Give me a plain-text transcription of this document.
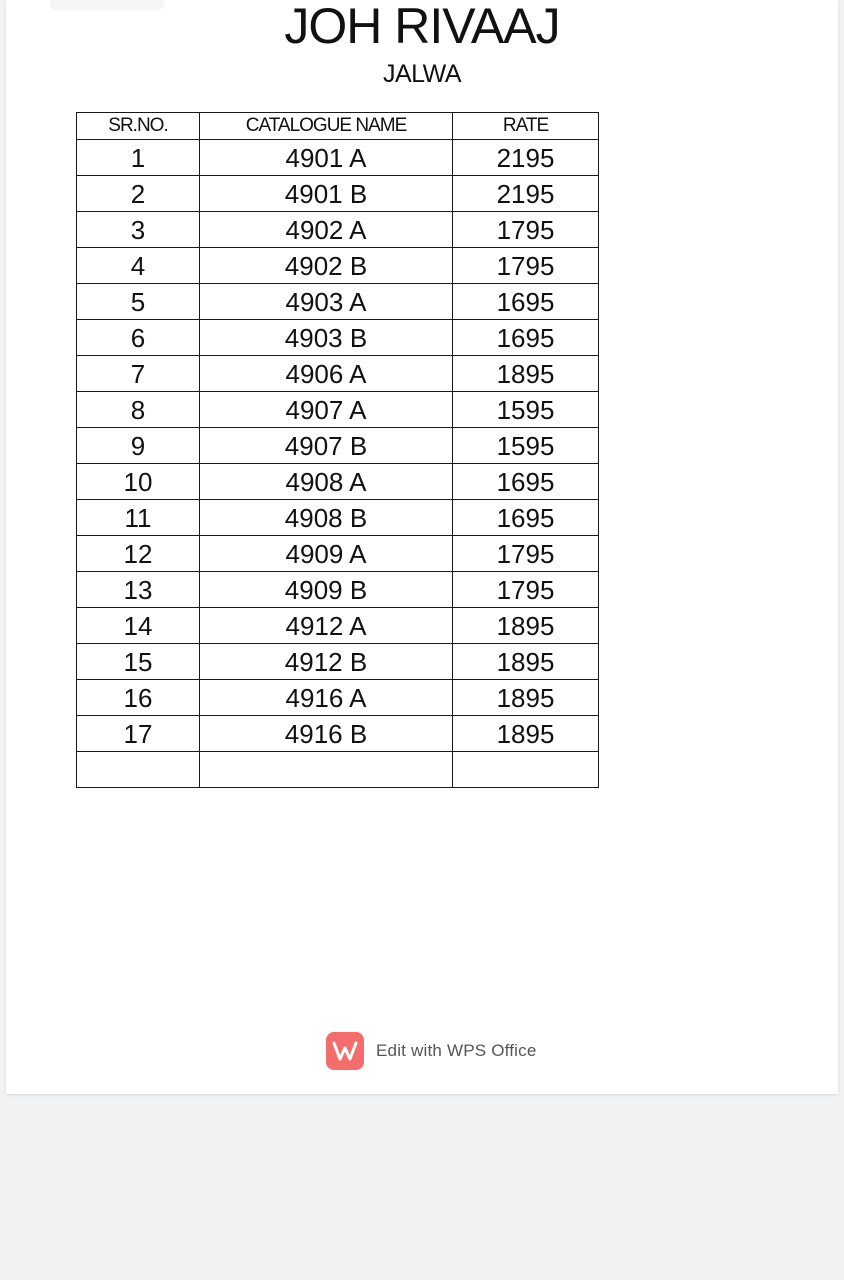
JOH RIVAAJ
JALWA
SR.NO.	CATALOGUE NAME	RATE
1	4901 A	2195
2	4901 B	2195
3	4902 A	1795
4	4902 B	1795
5	4903 A	1695
6	4903 B	1695
7	4906 A	1895
8	4907 A	1595
9	4907 B	1595
10	4908 A	1695
11	4908 B	1695
12	4909 A	1795
13	4909 B	1795
14	4912 A	1895
15	4912 B	1895
16	4916 A	1895
17	4916 B	1895

Edit with WPS Office
